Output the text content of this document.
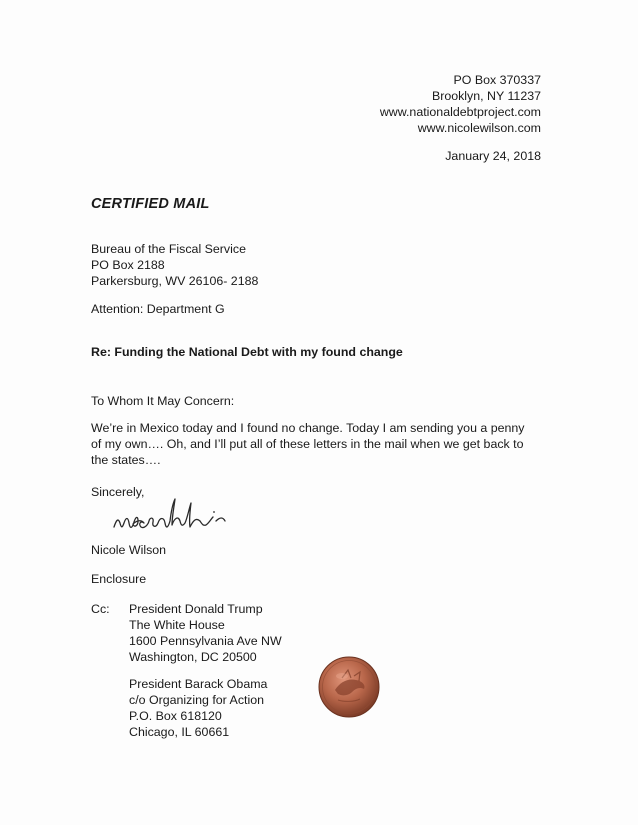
PO Box 370337
Brooklyn, NY 11237
www.nationaldebtproject.com
www.nicolewilson.com
January 24, 2018
CERTIFIED MAIL
Bureau of the Fiscal Service
PO Box 2188
Parkersburg, WV 26106- 2188
Attention: Department G
Re: Funding the National Debt with my found change
To Whom It May Concern:
We’re in Mexico today and I found no change. Today I am sending you a penny
of my own…. Oh, and I’ll put all of these letters in the mail when we get back to
the states….
Sincerely,
Nicole Wilson
Enclosure
Cc: President Donald Trump
The White House
1600 Pennsylvania Ave NW
Washington, DC 20500
President Barack Obama
c/o Organizing for Action
P.O. Box 618120
Chicago, IL 60661
